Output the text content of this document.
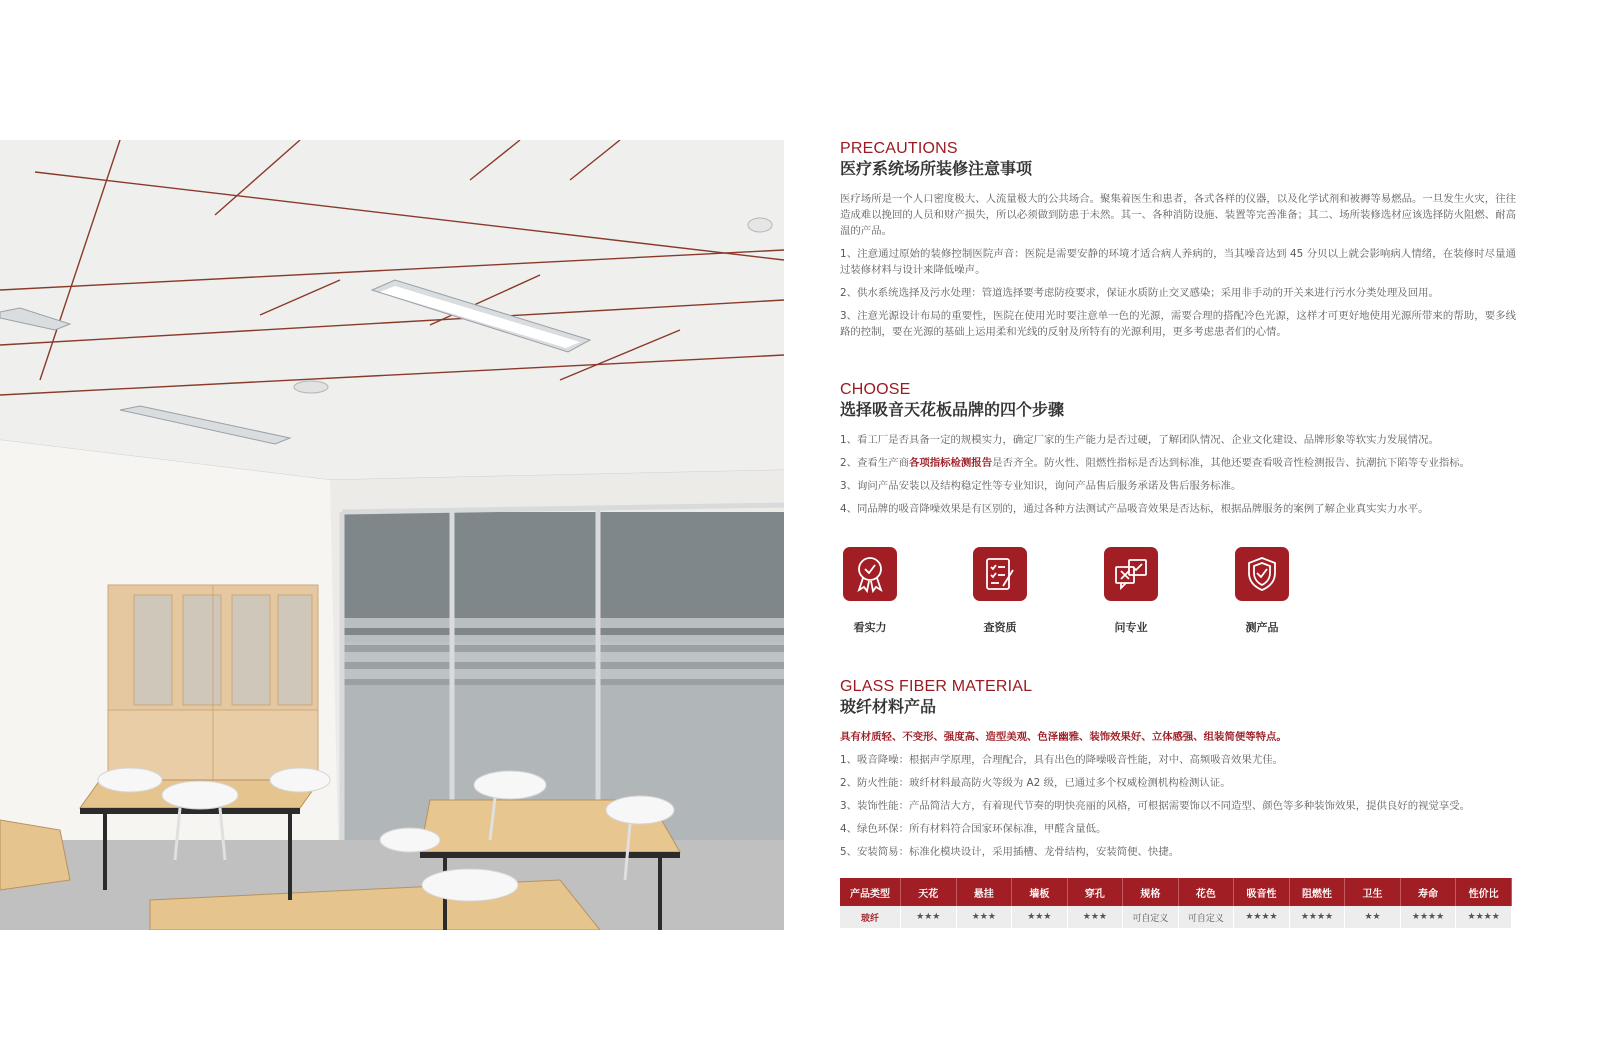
PRECAUTIONS
医疗系统场所装修注意事项

医疗场所是一个人口密度极大、人流量极大的公共场合。聚集着医生和患者，各式各样的仪器，以及化学试剂和被褥等易燃品。一旦发生火灾，往往造成难以挽回的人员和财产损失，所以必须做到防患于未然。其一、各种消防设施、装置等完善准备；其二、场所装修选材应该选择防火阻燃、耐高温的产品。

1、注意通过原始的装修控制医院声音：医院是需要安静的环境才适合病人养病的，当其噪音达到 45 分贝以上就会影响病人情绪，在装修时尽量通过装修材料与设计来降低噪声。

2、供水系统选择及污水处理：管道选择要考虑防疫要求，保证水质防止交叉感染；采用非手动的开关来进行污水分类处理及回用。

3、注意光源设计布局的重要性，医院在使用光时要注意单一色的光源，需要合理的搭配冷色光源，这样才可更好地使用光源所带来的帮助，要多线路的控制，要在光源的基础上运用柔和光线的反射及所特有的光源利用，更多考虑患者们的心情。

CHOOSE
选择吸音天花板品牌的四个步骤

1、看工厂是否具备一定的规模实力，确定厂家的生产能力是否过硬，了解团队情况、企业文化建设、品牌形象等软实力发展情况。

2、查看生产商各项指标检测报告是否齐全。防火性、阻燃性指标是否达到标准，其他还要查看吸音性检测报告、抗潮抗下陷等专业指标。

3、询问产品安装以及结构稳定性等专业知识，询问产品售后服务承诺及售后服务标准。

4、同品牌的吸音降噪效果是有区别的，通过各种方法测试产品吸音效果是否达标，根据品牌服务的案例了解企业真实实力水平。

看实力	查资质	问专业	测产品
GLASS FIBER MATERIAL
玻纤材料产品

具有材质轻、不变形、强度高、造型美观、色泽幽雅、装饰效果好、立体感强、组装简便等特点。

1、吸音降噪：根据声学原理，合理配合，具有出色的降噪吸音性能，对中、高频吸音效果尤佳。

2、防火性能：玻纤材料最高防火等级为 A2 级，已通过多个权威检测机构检测认证。

3、装饰性能：产品简洁大方，有着现代节奏的明快亮丽的风格，可根据需要饰以不同造型、颜色等多种装饰效果，提供良好的视觉享受。

4、绿色环保：所有材料符合国家环保标准，甲醛含量低。

5、安装简易：标准化模块设计，采用插槽、龙骨结构，安装简便、快捷。

产品类型	天花	悬挂	墙板	穿孔	规格	花色	吸音性	阻燃性	卫生	寿命	性价比
玻纤	★★★	★★★	★★★	★★★	可自定义	可自定义	★★★★	★★★★	★★	★★★★	★★★★
